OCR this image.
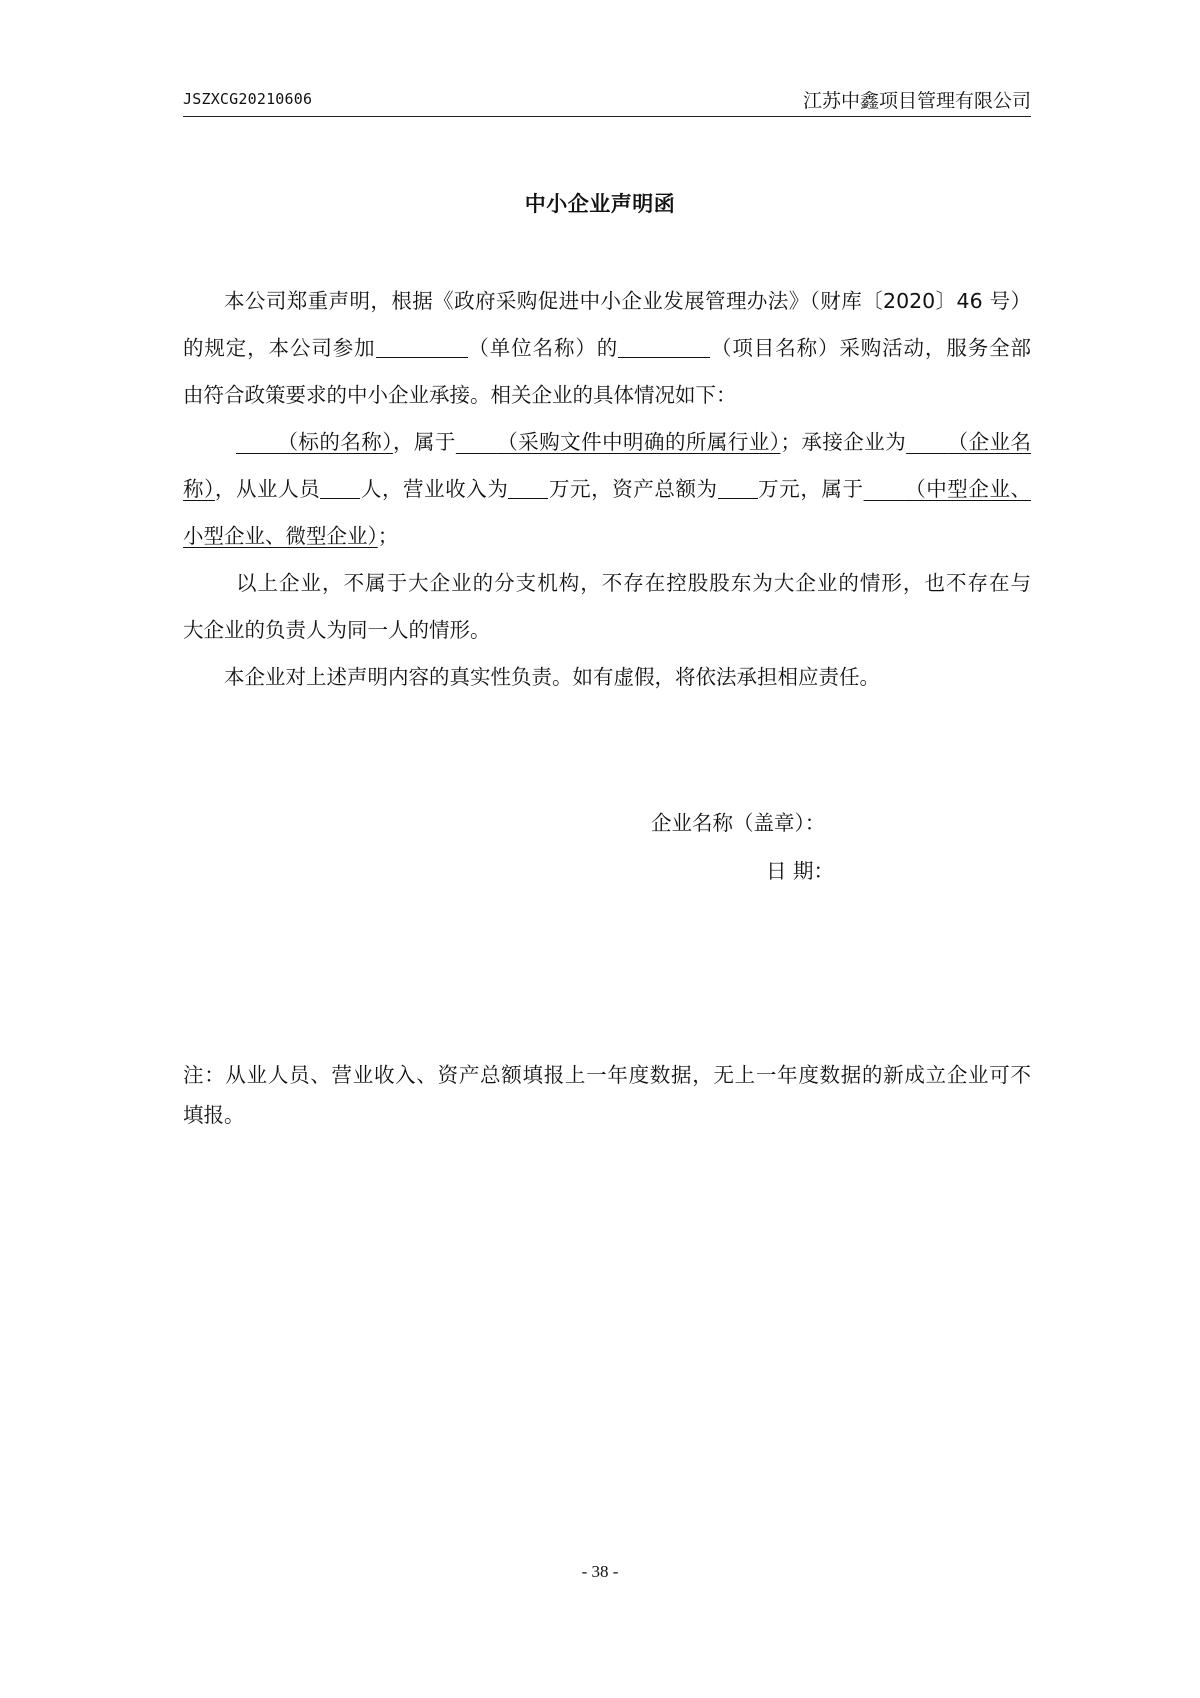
JSZXCG20210606	江苏中鑫项目管理有限公司
中小企业声明函

本公司郑重声明，根据《政府采购促进中小企业发展管理办法》（财库〔2020〕46 号）

的规定，本公司参加	（单位名称）的	（项目名称）采购活动，服务全部

由符合政策要求的中小企业承接。相关企业的具体情况如下：

  （标的名称），属于   （采购文件中明确的所属行业）；承接企业为   （企业名

称），从业人员 人，营业收入为 万元，资产总额为 万元，属于   （中型企业、

小型企业、微型企业）；

以上企业，不属于大企业的分支机构，不存在控股股东为大企业的情形，也不存在与

大企业的负责人为同一人的情形。

本企业对上述声明内容的真实性负责。如有虚假，将依法承担相应责任。

企业名称（盖章）：
日 期：

注：从业人员、营业收入、资产总额填报上一年度数据，无上一年度数据的新成立企业可不

填报。

- 38 -
